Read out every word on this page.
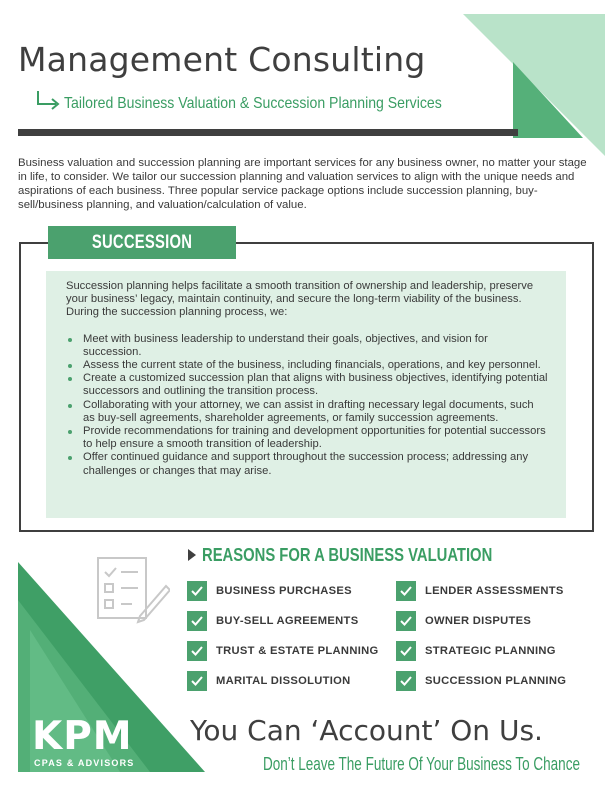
Management Consulting
Tailored Business Valuation & Succession Planning Services

Business valuation and succession planning are important services for any business owner, no matter your stage in life, to consider. We tailor our succession planning and valuation services to align with the unique needs and aspirations of each business. Three popular service package options include succession planning, buy-sell/business planning, and valuation/calculation of value.

SUCCESSION

Succession planning helps facilitate a smooth transition of ownership and leadership, preserve your business’ legacy, maintain continuity, and secure the long-term viability of the business. During the succession planning process, we:

Meet with business leadership to understand their goals, objectives, and vision for succession.
Assess the current state of the business, including financials, operations, and key personnel.
Create a customized succession plan that aligns with business objectives, identifying potential successors and outlining the transition process.
Collaborating with your attorney, we can assist in drafting necessary legal documents, such as buy-sell agreements, shareholder agreements, or family succession agreements.
Provide recommendations for training and development opportunities for potential successors to help ensure a smooth transition of leadership.
Offer continued guidance and support throughout the succession process; addressing any challenges or changes that may arise.
REASONS FOR A BUSINESS VALUATION
BUSINESS PURCHASES
BUY-SELL AGREEMENTS
TRUST & ESTATE PLANNING
MARITAL DISSOLUTION
LENDER ASSESSMENTS
OWNER DISPUTES
STRATEGIC PLANNING
SUCCESSION PLANNING
KPM
CPAS & ADVISORS
You Can ‘Account’ On Us.
Don’t Leave The Future Of Your Business To Chance
